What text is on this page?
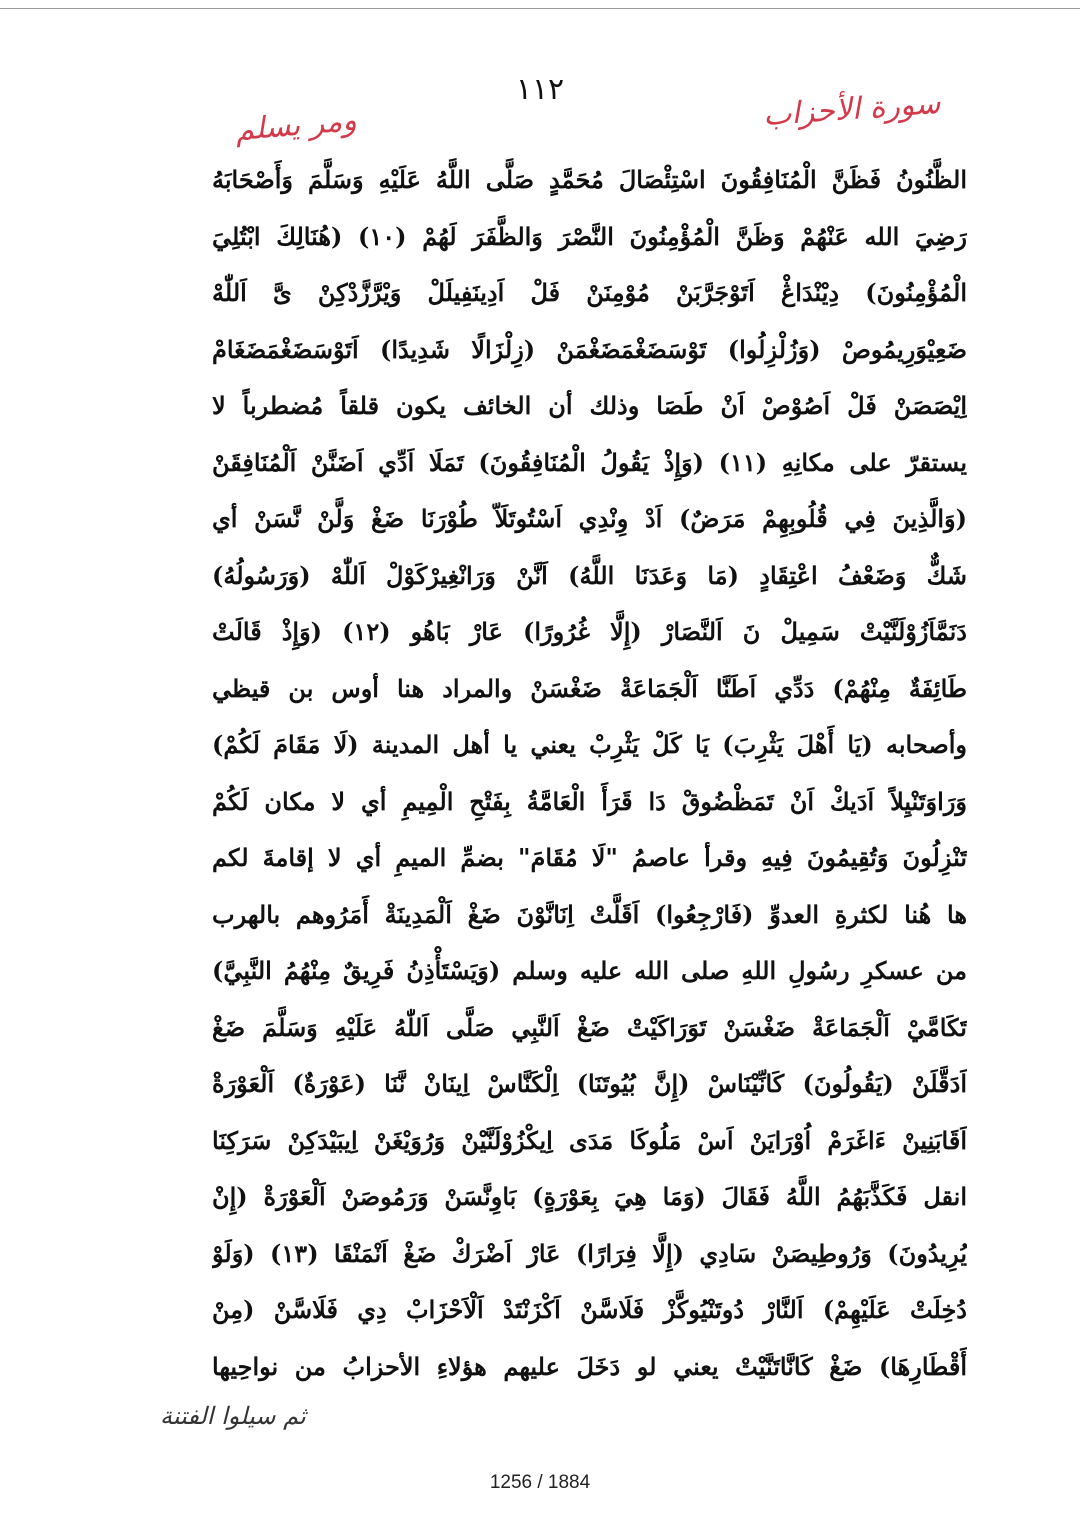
١١٢	سورة الأحزاب
ومر يسلم
الظَّنُونُ فَظَنَّ الْمُنَافِقُونَ اسْتِئْصَالَ مُحَمَّدٍ صَلَّى اللَّهُ عَلَيْهِ وَسَلَّمَ وَأَصْحَابَهُ
رَضِيَ الله عَنْهُمْ وَظَنَّ الْمُؤْمِنُونَ النَّصْرَ وَالظَّفَرَ لَهُمْ (١٠) (هُنَالِكَ ابْتُلِيَ
الْمُؤْمِنُونَ) دِيْنْدَاڠْ اَتَوْجَرَّبَنْ مُوْمِنَنْ فَلْ اَدِينَفِيلَلْ وَيْرَّزَّدْكِنْ ىَّ اَللّٰهْ
ضَعِيْوَرِيمُوصْ (وَزُلْزِلُوا) تَوْسَضَغْمَضَغْمَنْ (زِلْزَالًا شَدِيدًا) اَتَوْسَضَغْمَضَغَامْ
اِيْصَصَنْ فَلْ اَصُوْصْ اَنْ طَصَا وذلك أن الخائف يكون قلقاً مُضطرباً لا
يستقرّ على مكانِهِ (١١) (وَإِذْ يَقُولُ الْمُنَافِقُونَ) تَمَلَا اَدِّي اَضَنَّنْ اَلْمُنَافِقَنْ
(وَالَّذِينَ فِي قُلُوبِهِمْ مَرَضٌ) اَدْ وِنْدِي اَسْتُوتَلَاّ طُوْرَنَا ضَغْ وَلَّنْ نَّسَنْ أي
شَكٌّ وَضَعْفُ اعْتِقَادٍ (مَا وَعَدَنَا اللَّهُ) اَنَّنْ وَرَانْغِيرْكَوْلْ اَللّٰهْ (وَرَسُولُهُ)
دَنَمَّاَزُوْلَنَّيْتْ سَمِيلْ نَ اَلنَّصَارْ (إِلَّا غُرُورًا) عَارْ بَاهُو (١٢) (وَإِذْ قَالَتْ
طَائِفَةٌ مِنْهُمْ) دَدِّي اَطَنَّا اَلْجَمَاعَةْ ضَغْسَنْ والمراد هنا أوس بن قيظي
وأصحابه (يَا أَهْلَ يَثْرِبَ) يَا كَلْ يَثْرِبْ يعني يا أهل المدينة (لَا مَقَامَ لَكُمْ)
وَرَاوَتَنْيِلاً اَدَيكْ اَنْ تَمَظْضُوقْ دَا قَرَأَ الْعَامَّةُ بِفَتْحِ الْمِيمِ أي لا مكان لَكُمْ
تَنْزِلُونَ وَتُقِيمُونَ فِيهِ وقرأ عاصمُ "لَا مُقَامَ" بضمِّ الميمِ أي لا إقامةَ لكم
ها هُنا لكثرةِ العدوِّ (فَارْجِعُوا) اَقَلَّتْ اِنَانَّوْنَ ضَغْ اَلْمَدِينَةْ أَمَرُوهم بالهرب
من عسكرِ رسُولِ اللهِ صلى الله عليه وسلم (وَيَسْتَأْذِنُ فَرِيقٌ مِنْهُمُ النَّبِيَّ)
تَكَامَّيْ اَلْجَمَاعَةْ ضَغْسَنْ تَوَرَاكَيْتْ ضَغْ اَلنَّبِي صَلَّى اَللّٰهُ عَلَيْهِ وَسَلَّمَ ضَغْ
اَدَقَّلَنْ (يَقُولُونَ) كَانِّيْنَاسْ (إِنَّ بُيُوتَنَا) اِلْكَنَّاسْ اِينَانْ نَّنَا (عَوْرَةٌ) اَلْعَوْرَةْ
اَقَابَنِينْ ءَاغَرَمْ اُوْرَايَنْ اَسْ مَلُوكَا مَدَى اِيكْزُوْلَنَّيْنْ وَرُوَيْغَنْ اِيبَيْدَكِنْ سَرَكِنَا
انقل فَكَذَّبَهُمُ اللَّهُ فَقَالَ (وَمَا هِيَ بِعَوْرَةٍ) بَاوِنَّسَنْ وَرَمُوصَنْ اَلْعَوْرَةْ (إِنْ
يُرِيدُونَ) وَرُوطِيصَنْ سَادِي (إِلَّا فِرَارًا) عَارْ اَضْرَكْ ضَغْ اَنْمَنْقَا (١٣) (وَلَوْ
دُخِلَتْ عَلَيْهِمْ) اَلنَّارْ دُوتَنْيُوكَّزْ فَلَاسَّنْ اَكْزَنْتَدْ اَلْاَحْزَابْ دِي فَلَاسَّنْ (مِنْ
أَقْطَارِهَا) ضَغْ كَانَّاتَنَّيْتْ يعني لو دَخَلَ عليهم هؤلاءِ الأحزابُ من نواحِيها
ثم سيلوا الفتنة
1256 / 1884
